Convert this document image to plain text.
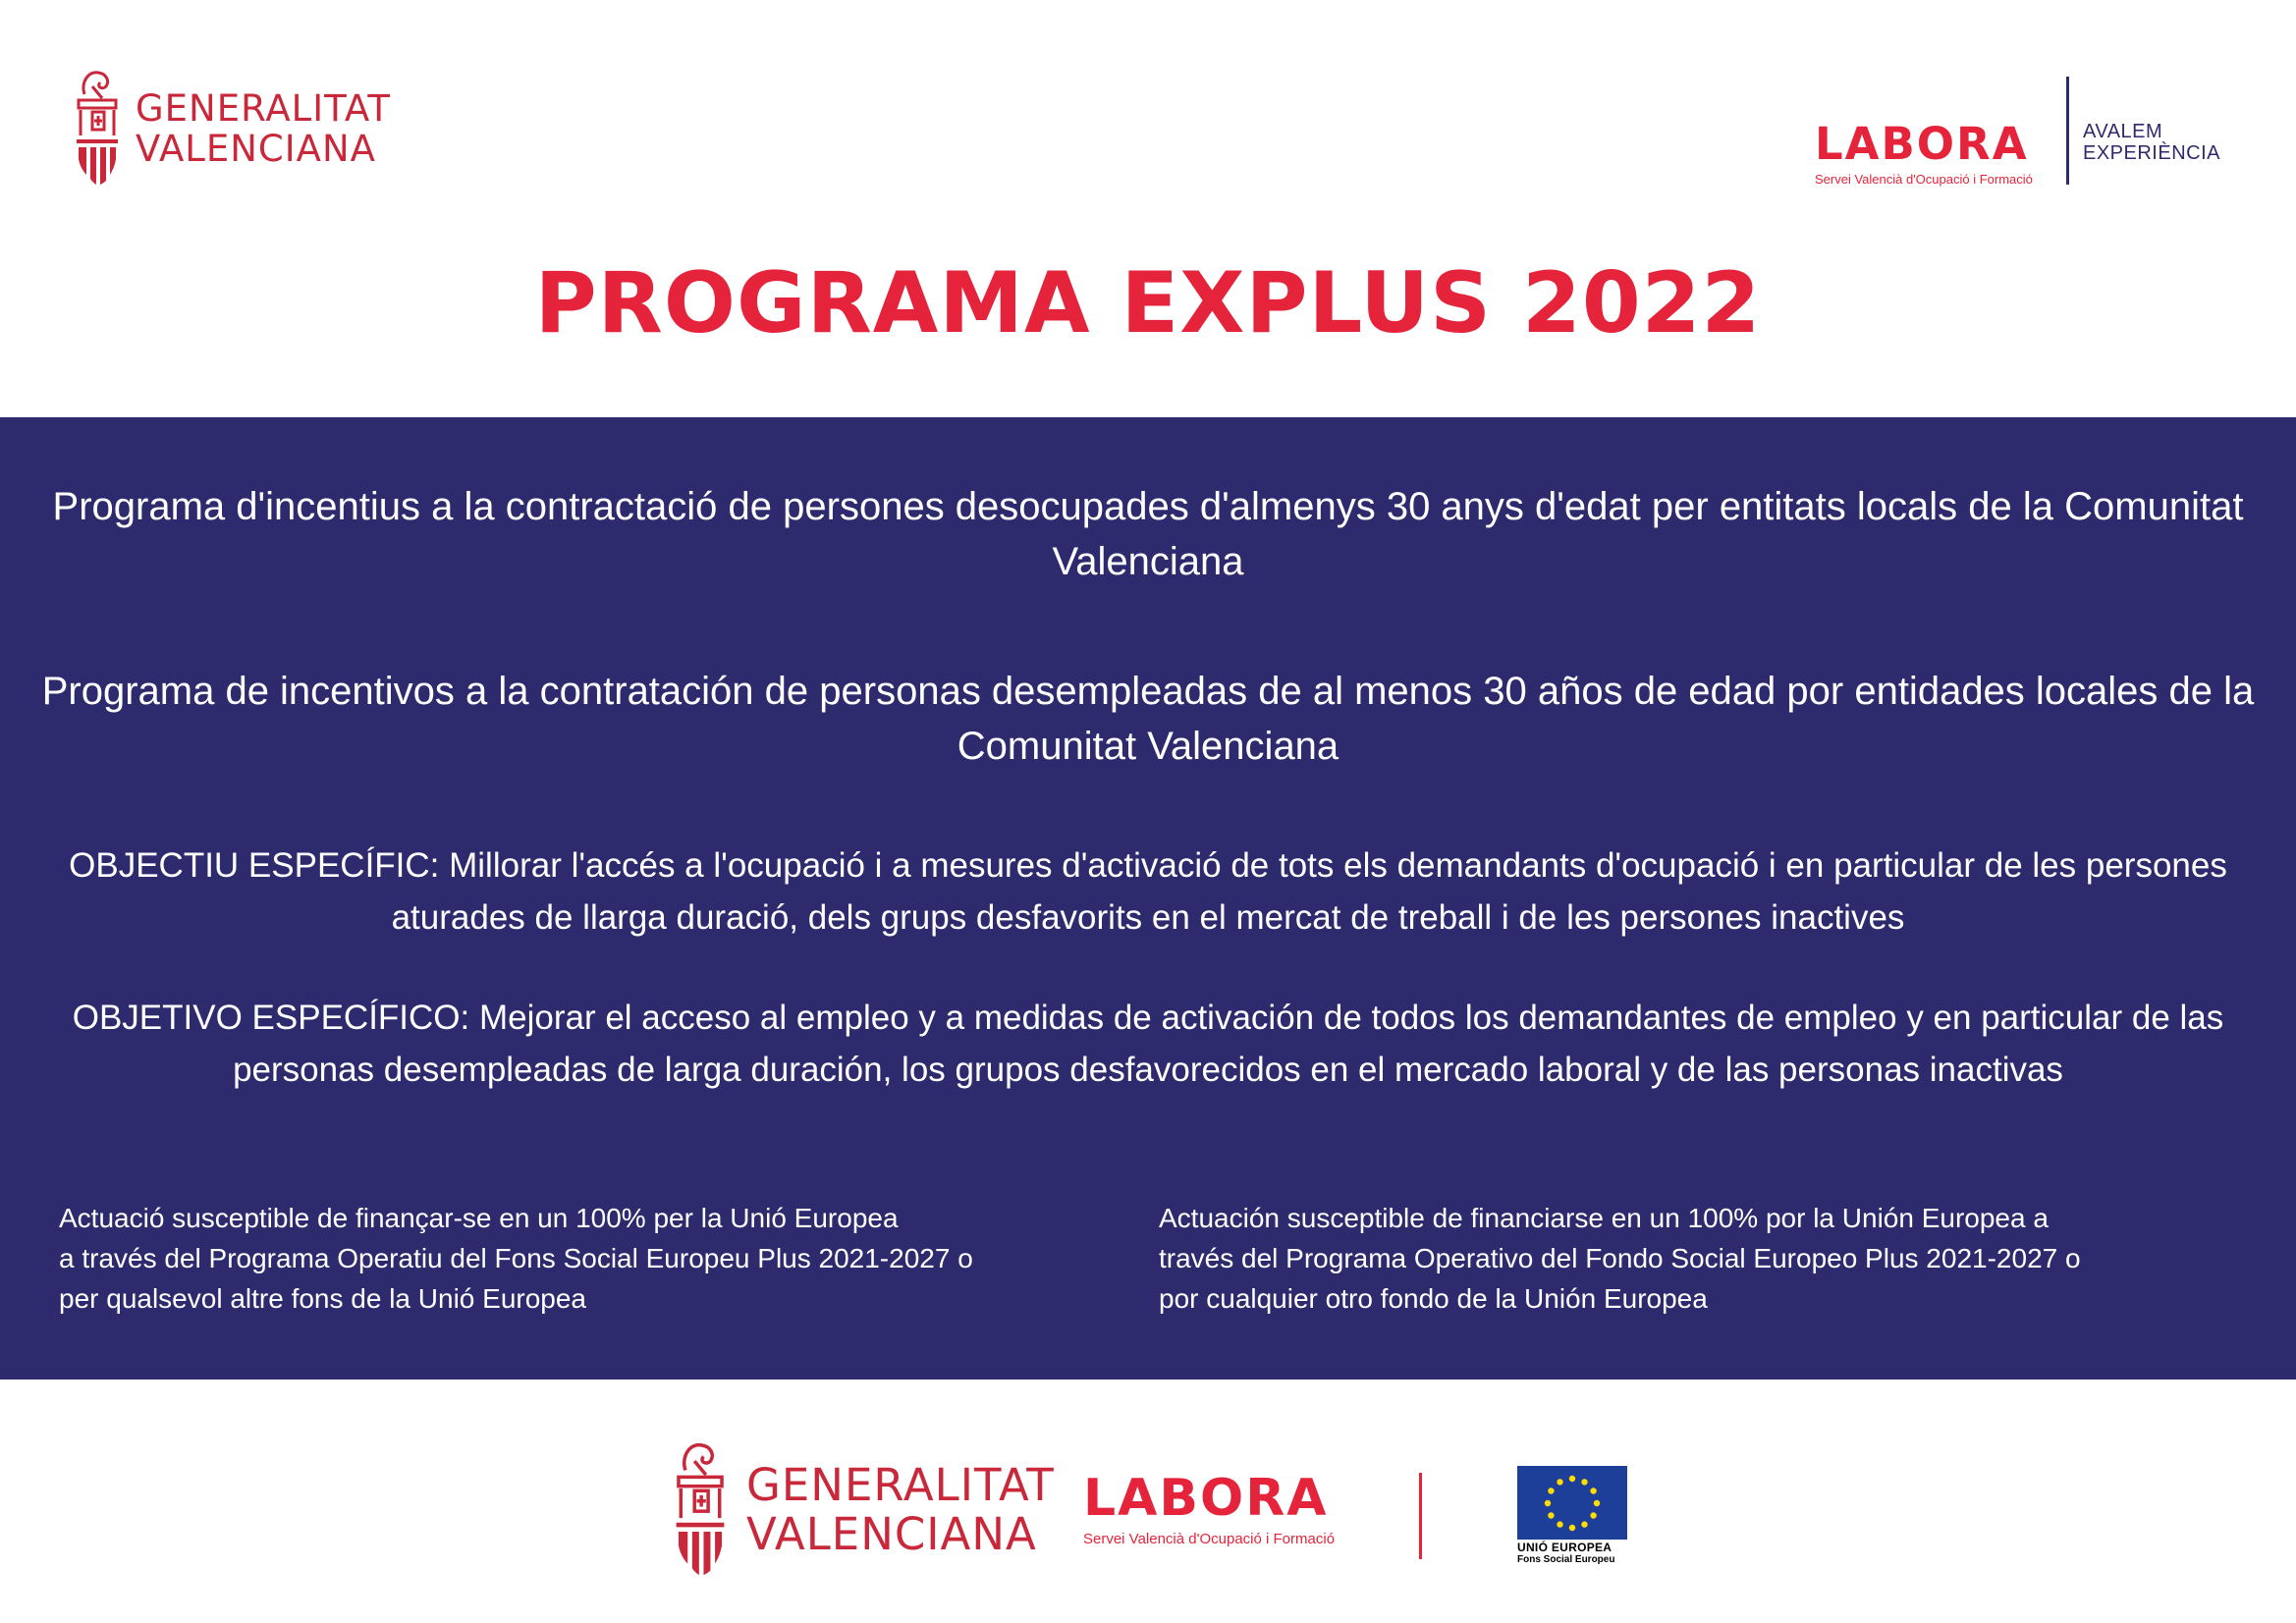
GENERALITAT
VALENCIANA	LABORA
Servei Valencià d'Ocupació i Formació
AVALEM
EXPERIÈNCIA
PROGRAMA EXPLUS 2022

Programa d'incentius a la contractació de persones desocupades d'almenys 30 anys d'edat per entitats locals de la Comunitat Valenciana

Programa de incentivos a la contratación de personas desempleadas de al menos 30 años de edad por entidades locales de la Comunitat Valenciana

OBJECTIU ESPECÍFIC: Millorar l'accés a l'ocupació i a mesures d'activació de tots els demandants d'ocupació i en particular de les persones aturades de llarga duració, dels grups desfavorits en el mercat de treball i de les persones inactives

OBJETIVO ESPECÍFICO: Mejorar el acceso al empleo y a medidas de activación de todos los demandantes de empleo y en particular de las personas desempleadas de larga duración, los grupos desfavorecidos en el mercado laboral y de las personas inactivas

Actuació susceptible de finançar-se en un 100% per la Unió Europea
a través del Programa Operatiu del Fons Social Europeu Plus 2021-2027 o
per qualsevol altre fons de la Unió Europea

Actuación susceptible de financiarse en un 100% por la Unión Europea a
través del Programa Operativo del Fondo Social Europeo Plus 2021-2027 o
por cualquier otro fondo de la Unión Europea

GENERALITAT
VALENCIANA
LABORA
Servei Valencià d'Ocupació i Formació	UNIÓ EUROPEA
Fons Social Europeu
